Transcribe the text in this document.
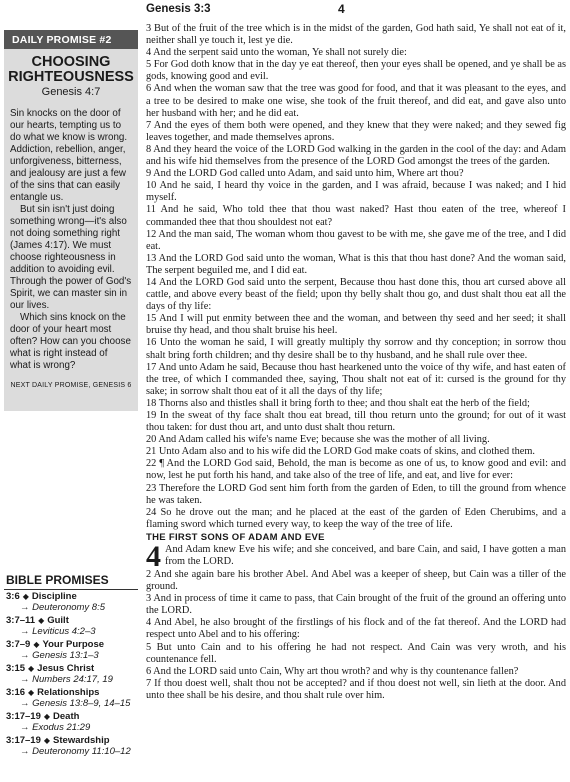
Genesis 3:3	4
DAILY PROMISE #2
CHOOSING
RIGHTEOUSNESS
Genesis 4:7
Sin knocks on the door of
our hearts, tempting us to
do what we know is wrong.
Addiction, rebellion, anger,
unforgiveness, bitterness,
and jealousy are just a few
of the sins that can easily
entangle us.
But sin isn't just doing
something wrong—it's also
not doing something right
(James 4:17). We must
choose righteousness in
addition to avoiding evil.
Through the power of God's
Spirit, we can master sin in
our lives.
Which sins knock on the
door of your heart most
often? How can you choose
what is right instead of
what is wrong?
NEXT DAILY PROMISE, GENESIS 6
BIBLE PROMISES
3:6 ◆ Discipline
→ Deuteronomy 8:5
3:7–11 ◆ Guilt
→ Leviticus 4:2–3
3:7–9 ◆ Your Purpose
→ Genesis 13:1–3
3:15 ◆ Jesus Christ
→ Numbers 24:17, 19
3:16 ◆ Relationships
→ Genesis 13:8–9, 14–15
3:17–19 ◆ Death
→ Exodus 21:29
3:17–19 ◆ Stewardship
→ Deuteronomy 11:10–12

3 But of the fruit of the tree which is in the midst of the garden, God hath said, Ye shall not eat of it, neither shall ye touch it, lest ye die.

4 And the serpent said unto the woman, Ye shall not surely die:

5 For God doth know that in the day ye eat thereof, then your eyes shall be opened, and ye shall be as gods, knowing good and evil.

6 And when the woman saw that the tree was good for food, and that it was pleasant to the eyes, and a tree to be desired to make one wise, she took of the fruit thereof, and did eat, and gave also unto her husband with her; and he did eat.

7 And the eyes of them both were opened, and they knew that they were naked; and they sewed fig leaves together, and made themselves aprons.

8 And they heard the voice of the LORD God walking in the garden in the cool of the day: and Adam and his wife hid themselves from the presence of the LORD God amongst the trees of the garden.

9 And the LORD God called unto Adam, and said unto him, Where art thou?

10 And he said, I heard thy voice in the garden, and I was afraid, because I was naked; and I hid myself.

11 And he said, Who told thee that thou wast naked? Hast thou eaten of the tree, whereof I commanded thee that thou shouldest not eat?

12 And the man said, The woman whom thou gavest to be with me, she gave me of the tree, and I did eat.

13 And the LORD God said unto the woman, What is this that thou hast done? And the woman said, The serpent beguiled me, and I did eat.

14 And the LORD God said unto the serpent, Because thou hast done this, thou art cursed above all cattle, and above every beast of the field; upon thy belly shalt thou go, and dust shalt thou eat all the days of thy life:

15 And I will put enmity between thee and the woman, and between thy seed and her seed; it shall bruise thy head, and thou shalt bruise his heel.

16 Unto the woman he said, I will greatly multiply thy sorrow and thy conception; in sorrow thou shalt bring forth children; and thy desire shall be to thy husband, and he shall rule over thee.

17 And unto Adam he said, Because thou hast hearkened unto the voice of thy wife, and hast eaten of the tree, of which I commanded thee, saying, Thou shalt not eat of it: cursed is the ground for thy sake; in sorrow shalt thou eat of it all the days of thy life;

18 Thorns also and thistles shall it bring forth to thee; and thou shalt eat the herb of the field;

19 In the sweat of thy face shalt thou eat bread, till thou return unto the ground; for out of it wast thou taken: for dust thou art, and unto dust shalt thou return.

20 And Adam called his wife's name Eve; because she was the mother of all living.

21 Unto Adam also and to his wife did the LORD God make coats of skins, and clothed them.

22 ¶ And the LORD God said, Behold, the man is become as one of us, to know good and evil: and now, lest he put forth his hand, and take also of the tree of life, and eat, and live for ever:

23 Therefore the LORD God sent him forth from the garden of Eden, to till the ground from whence he was taken.

24 So he drove out the man; and he placed at the east of the garden of Eden Cherubims, and a flaming sword which turned every way, to keep the way of the tree of life.

THE FIRST SONS OF ADAM AND EVE

4 And Adam knew Eve his wife; and she conceived, and bare Cain, and said, I have gotten a man from the LORD.

2 And she again bare his brother Abel. And Abel was a keeper of sheep, but Cain was a tiller of the ground.

3 And in process of time it came to pass, that Cain brought of the fruit of the ground an offering unto the LORD.

4 And Abel, he also brought of the firstlings of his flock and of the fat thereof. And the LORD had respect unto Abel and to his offering:

5 But unto Cain and to his offering he had not respect. And Cain was very wroth, and his countenance fell.

6 And the LORD said unto Cain, Why art thou wroth? and why is thy countenance fallen?

7 If thou doest well, shalt thou not be accepted? and if thou doest not well, sin lieth at the door. And unto thee shall be his desire, and thou shalt rule over him.
